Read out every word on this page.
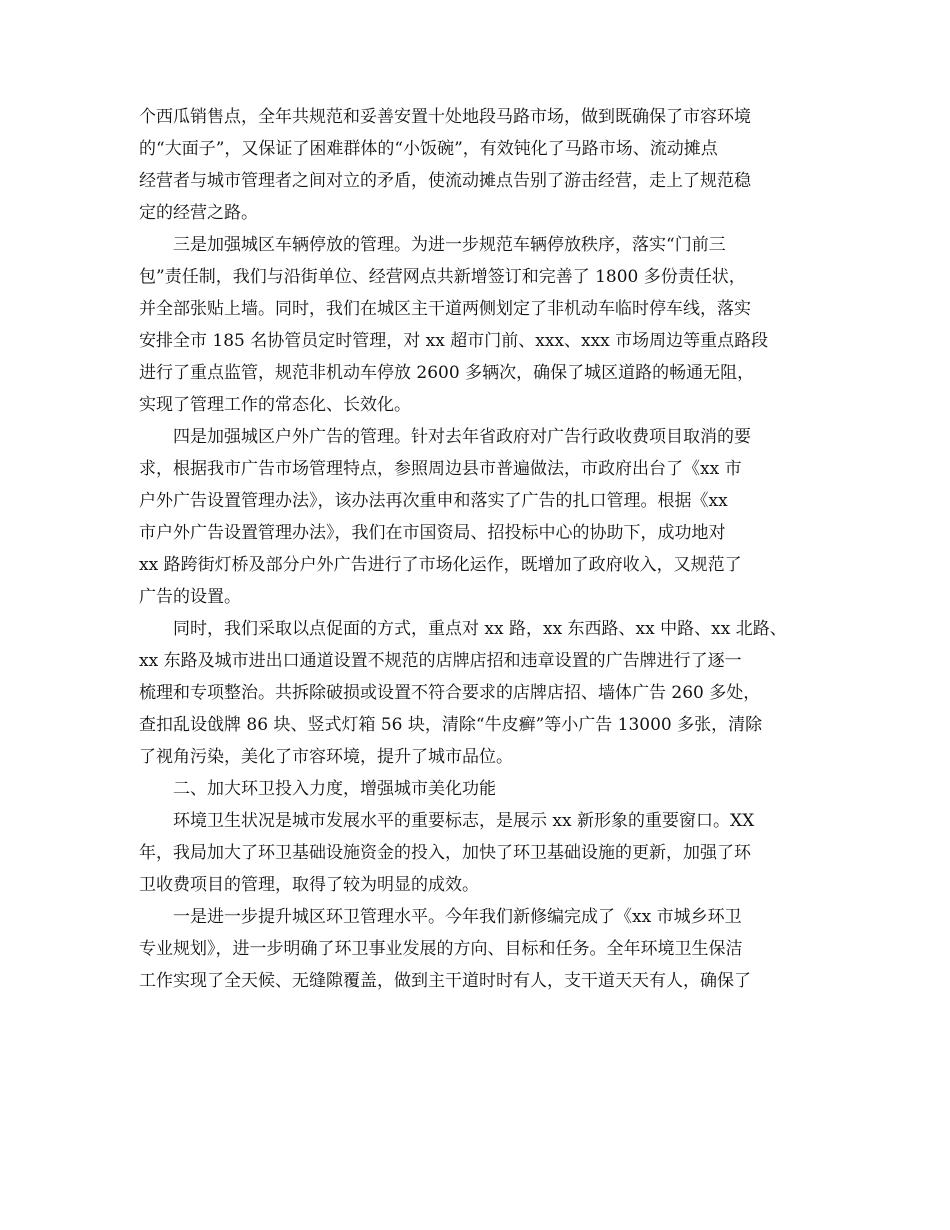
个西瓜销售点，全年共规范和妥善安置十处地段马路市场，做到既确保了市容环境
的“大面子”，又保证了困难群体的“小饭碗”，有效钝化了马路市场、流动摊点
经营者与城市管理者之间对立的矛盾，使流动摊点告别了游击经营，走上了规范稳
定的经营之路。
三是加强城区车辆停放的管理。为进一步规范车辆停放秩序，落实“门前三
包”责任制，我们与沿街单位、经营网点共新增签订和完善了 1800 多份责任状，
并全部张贴上墙。同时，我们在城区主干道两侧划定了非机动车临时停车线，落实
安排全市 185 名协管员定时管理，对 xx 超市门前、xxx、xxx 市场周边等重点路段
进行了重点监管，规范非机动车停放 2600 多辆次，确保了城区道路的畅通无阻，
实现了管理工作的常态化、长效化。
四是加强城区户外广告的管理。针对去年省政府对广告行政收费项目取消的要
求，根据我市广告市场管理特点，参照周边县市普遍做法，市政府出台了《xx 市
户外广告设置管理办法》，该办法再次重申和落实了广告的扎口管理。根据《xx
市户外广告设置管理办法》，我们在市国资局、招投标中心的协助下，成功地对
xx 路跨街灯桥及部分户外广告进行了市场化运作，既增加了政府收入，又规范了
广告的设置。
同时，我们采取以点促面的方式，重点对 xx 路，xx 东西路、xx 中路、xx 北路、
xx 东路及城市进出口通道设置不规范的店牌店招和违章设置的广告牌进行了逐一
梳理和专项整治。共拆除破损或设置不符合要求的店牌店招、墙体广告 260 多处，
查扣乱设戗牌 86 块、竖式灯箱 56 块，清除“牛皮癣”等小广告 13000 多张，清除
了视角污染，美化了市容环境，提升了城市品位。
二、加大环卫投入力度，增强城市美化功能
环境卫生状况是城市发展水平的重要标志，是展示 xx 新形象的重要窗口。XX
年，我局加大了环卫基础设施资金的投入，加快了环卫基础设施的更新，加强了环
卫收费项目的管理，取得了较为明显的成效。
一是进一步提升城区环卫管理水平。今年我们新修编完成了《xx 市城乡环卫
专业规划》，进一步明确了环卫事业发展的方向、目标和任务。全年环境卫生保洁
工作实现了全天候、无缝隙覆盖，做到主干道时时有人，支干道天天有人，确保了
